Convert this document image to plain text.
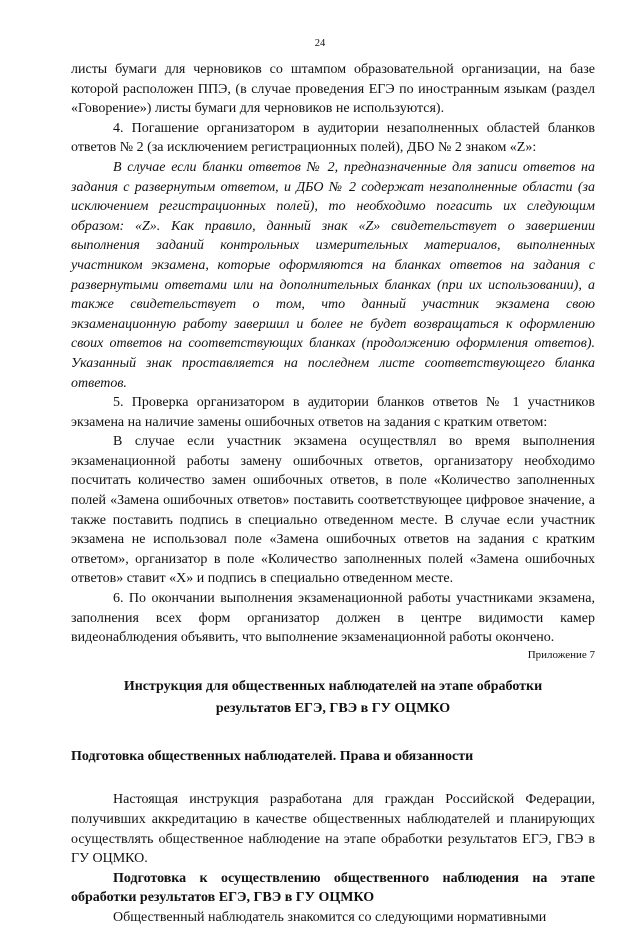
24

листы бумаги для черновиков со штампом образовательной организации, на базе которой расположен ППЭ, (в случае проведения ЕГЭ по иностранным языкам (раздел «Говорение») листы бумаги для черновиков не используются).

4. Погашение организатором в аудитории незаполненных областей бланков ответов № 2 (за исключением регистрационных полей), ДБО № 2 знаком «Z»:

В случае если бланки ответов № 2, предназначенные для записи ответов на задания с развернутым ответом, и ДБО № 2 содержат незаполненные области (за исключением регистрационных полей), то необходимо погасить их следующим образом: «Z». Как правило, данный знак «Z» свидетельствует о завершении выполнения заданий контрольных измерительных материалов, выполненных участником экзамена, которые оформляются на бланках ответов на задания с развернутыми ответами или на дополнительных бланках (при их использовании), а также свидетельствует о том, что данный участник экзамена свою экзаменационную работу завершил и более не будет возвращаться к оформлению своих ответов на соответствующих бланках (продолжению оформления ответов). Указанный знак проставляется на последнем листе соответствующего бланка ответов.

5. Проверка организатором в аудитории бланков ответов № 1 участников экзамена на наличие замены ошибочных ответов на задания с кратким ответом:

В случае если участник экзамена осуществлял во время выполнения экзаменационной работы замену ошибочных ответов, организатору необходимо посчитать количество замен ошибочных ответов, в поле «Количество заполненных полей «Замена ошибочных ответов» поставить соответствующее цифровое значение, а также поставить подпись в специально отведенном месте. В случае если участник экзамена не использовал поле «Замена ошибочных ответов на задания с кратким ответом», организатор в поле «Количество заполненных полей «Замена ошибочных ответов» ставит «X» и подпись в специально отведенном месте.

6. По окончании выполнения экзаменационной работы участниками экзамена, заполнения всех форм организатор должен в центре видимости камер видеонаблюдения объявить, что выполнение экзаменационной работы окончено.

Приложение 7

Инструкция для общественных наблюдателей на этапе обработки
результатов ЕГЭ, ГВЭ в ГУ ОЦМКО

Подготовка общественных наблюдателей. Права и обязанности

Настоящая инструкция разработана для граждан Российской Федерации, получивших аккредитацию в качестве общественных наблюдателей и планирующих осуществлять общественное наблюдение на этапе обработки результатов ЕГЭ, ГВЭ в ГУ ОЦМКО.

Подготовка к осуществлению общественного наблюдения на этапе обработки результатов ЕГЭ, ГВЭ в ГУ ОЦМКО

Общественный наблюдатель знакомится со следующими нормативными
